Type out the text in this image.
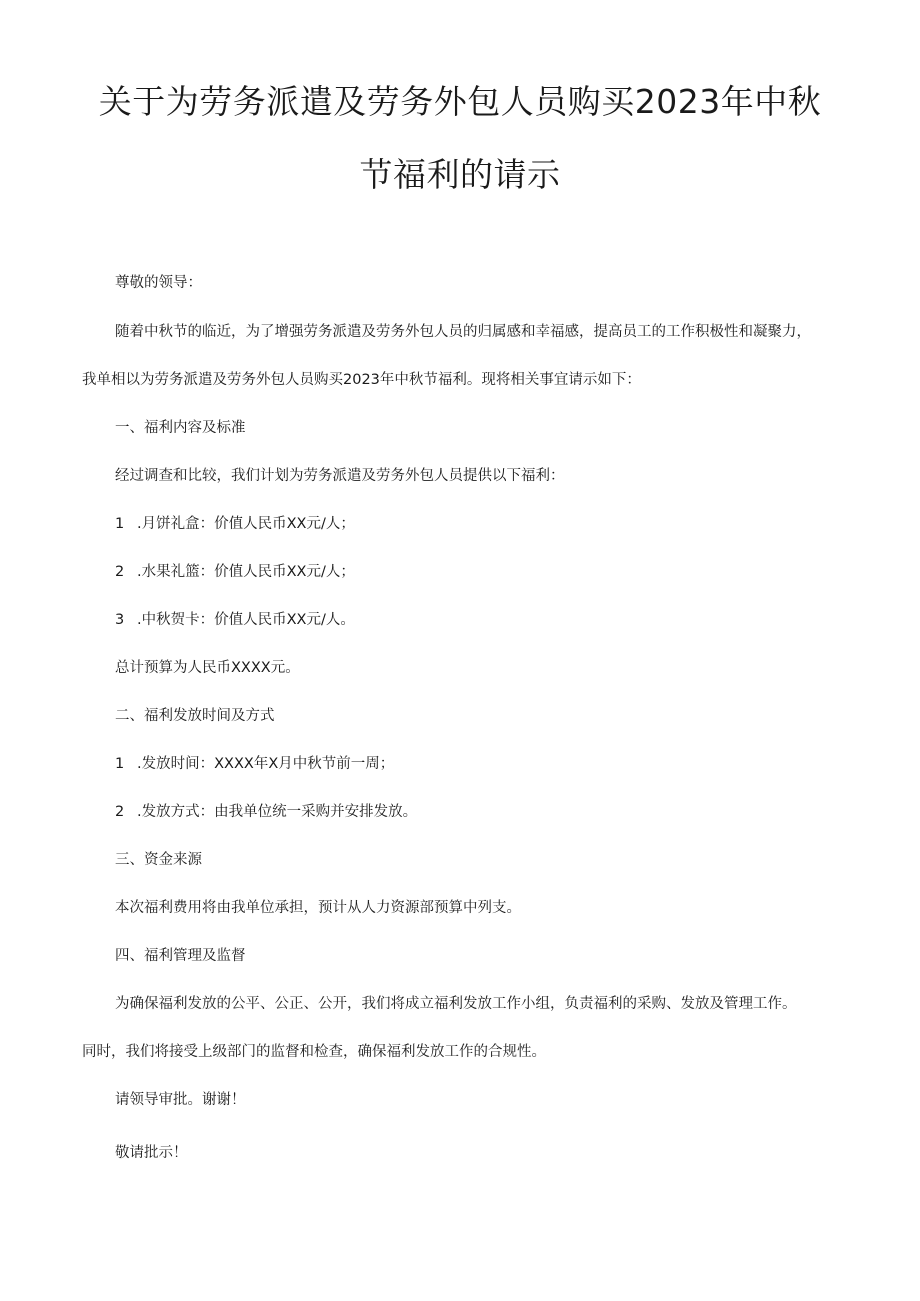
关于为劳务派遣及劳务外包人员购买2023年中秋
节福利的请示

尊敬的领导：

随着中秋节的临近，为了增强劳务派遣及劳务外包人员的归属感和幸福感，提高员工的工作积极性和凝聚力，

我单相以为劳务派遣及劳务外包人员购买2023年中秋节福利。现将相关事宜请示如下：

一、福利内容及标准

经过调查和比较，我们计划为劳务派遣及劳务外包人员提供以下福利：

1 .月饼礼盒：价值人民币XX元/人；

2 .水果礼篮：价值人民币XX元/人；

3 .中秋贺卡：价值人民币XX元/人。

总计预算为人民币XXXX元。

二、福利发放时间及方式

1 .发放时间：XXXX年X月中秋节前一周；

2 .发放方式：由我单位统一采购并安排发放。

三、资金来源

本次福利费用将由我单位承担，预计从人力资源部预算中列支。

四、福利管理及监督

为确保福利发放的公平、公正、公开，我们将成立福利发放工作小组，负责福利的采购、发放及管理工作。

同时，我们将接受上级部门的监督和检查，确保福利发放工作的合规性。

请领导审批。谢谢！

敬请批示！
